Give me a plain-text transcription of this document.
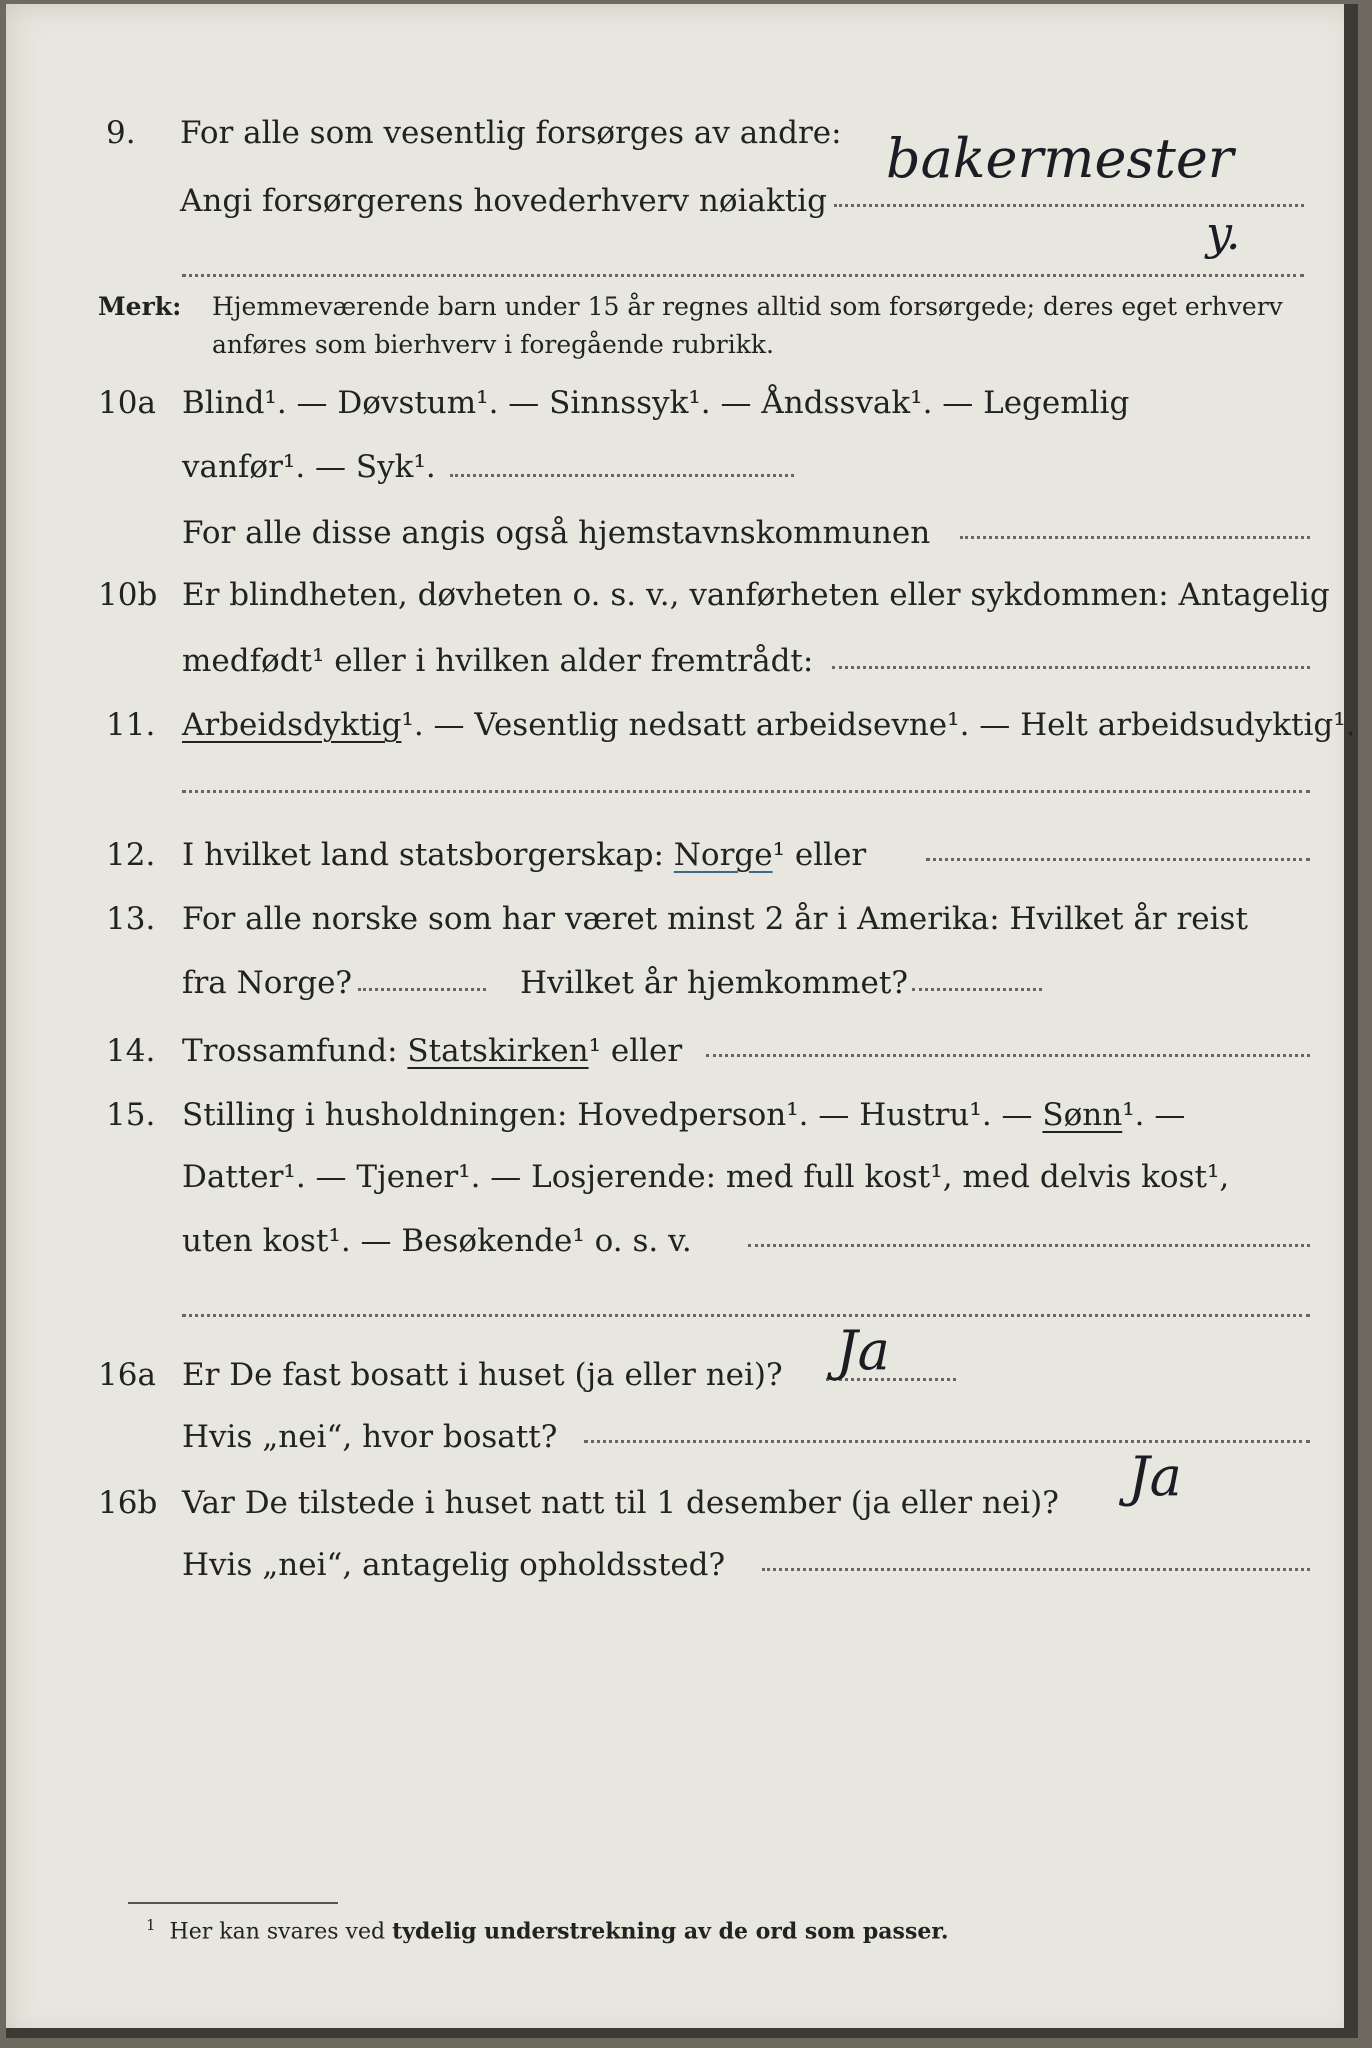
9. For alle som vesentlig forsørges av andre:
Angi forsørgerens hovederhverv nøiaktig
bakermester
y.
Merk: Hjemmeværende barn under 15 år regnes alltid som forsørgede; deres eget erhverv
anføres som bierhverv i foregående rubrikk.
10a Blind¹. — Døvstum¹. — Sinnssyk¹. — Åndssvak¹. — Legemlig
vanfør¹. — Syk¹.
For alle disse angis også hjemstavnskommunen
10b Er blindheten, døvheten o. s. v., vanførheten eller sykdommen: Antagelig
medfødt¹ eller i hvilken alder fremtrådt:
11. Arbeidsdyktig¹. — Vesentlig nedsatt arbeidsevne¹. — Helt arbeidsudyktig¹.
12. I hvilket land statsborgerskap: Norge¹ eller
13. For alle norske som har været minst 2 år i Amerika: Hvilket år reist
fra Norge?	Hvilket år hjemkommet?
14. Trossamfund: Statskirken¹ eller
15. Stilling i husholdningen: Hovedperson¹. — Hustru¹. — Sønn¹. —
Datter¹. — Tjener¹. — Losjerende: med full kost¹, med delvis kost¹,
uten kost¹. — Besøkende¹ o. s. v.
16a Er De fast bosatt i huset (ja eller nei)? Ja
Hvis „nei“, hvor bosatt?
16b Var De tilstede i huset natt til 1 desember (ja eller nei)? Ja
Hvis „nei“, antagelig opholdssted?
$^1$ Her kan svares ved tydelig understrekning av de ord som passer.
